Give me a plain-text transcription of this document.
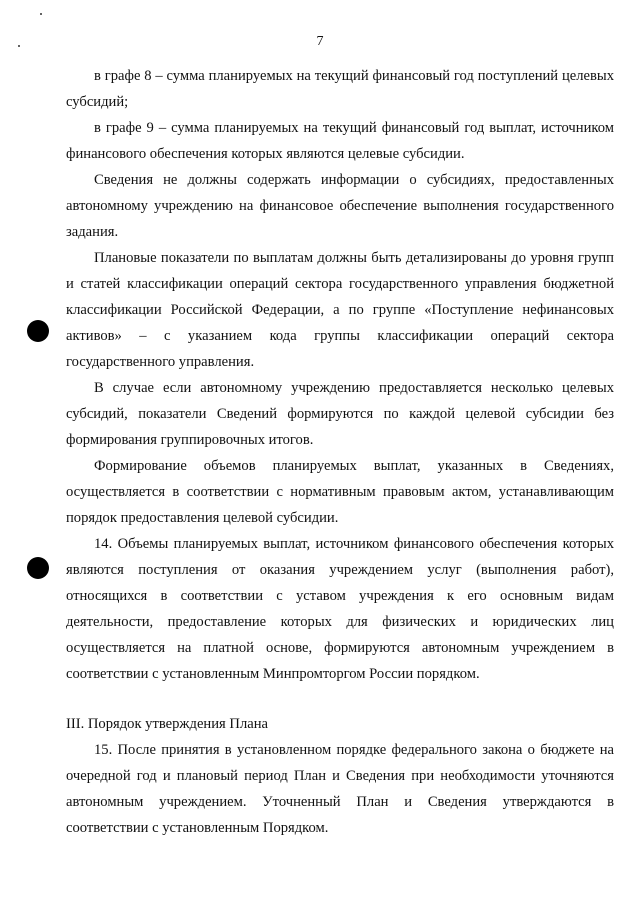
7

в графе 8 – сумма планируемых на текущий финансовый год поступлений целевых субсидий;

в графе 9 – сумма планируемых на текущий финансовый год выплат, источником финансового обеспечения которых являются целевые субсидии.

Сведения не должны содержать информации о субсидиях, предоставленных автономному учреждению на финансовое обеспечение выполнения государственного задания.

Плановые показатели по выплатам должны быть детализированы до уровня групп и статей классификации операций сектора государственного управления бюджетной классификации Российской Федерации, а по группе «Поступление нефинансовых активов» – с указанием кода группы классификации операций сектора государственного управления.

В случае если автономному учреждению предоставляется несколько целевых субсидий, показатели Сведений формируются по каждой целевой субсидии без формирования группировочных итогов.

Формирование объемов планируемых выплат, указанных в Сведениях, осуществляется в соответствии с нормативным правовым актом, устанавливающим порядок предоставления целевой субсидии.

14. Объемы планируемых выплат, источником финансового обеспечения которых являются поступления от оказания учреждением услуг (выполнения работ), относящихся в соответствии с уставом учреждения к его основным видам деятельности, предоставление которых для физических и юридических лиц осуществляется на платной основе, формируются автономным учреждением в соответствии с установленным Минпромторгом России порядком.

III. Порядок утверждения Плана

15. После принятия в установленном порядке федерального закона о бюджете на очередной год и плановый период План и Сведения при необходимости уточняются автономным учреждением. Уточненный План и Сведения утверждаются в соответствии с установленным Порядком.
